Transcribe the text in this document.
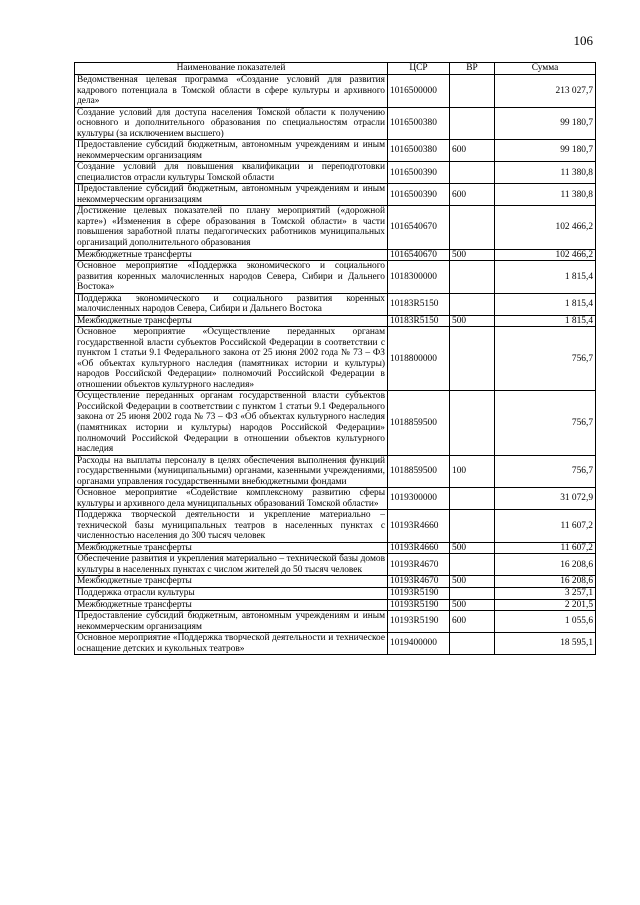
106
Наименование показателей	ЦСР	ВР	Сумма
Ведомственная целевая программа «Создание условий для развития кадрового потенциала в Томской области в сфере культуры и архивного дела»	1016500000		213 027,7
Создание условий для доступа населения Томской области к получению основного и дополнительного образования по специальностям отрасли культуры (за исключением высшего)	1016500380		99 180,7
Предоставление субсидий бюджетным, автономным учреждениям и иным некоммерческим организациям	1016500380	600	99 180,7
Создание условий для повышения квалификации и переподготовки специалистов отрасли культуры Томской области	1016500390		11 380,8
Предоставление субсидий бюджетным, автономным учреждениям и иным некоммерческим организациям	1016500390	600	11 380,8
Достижение целевых показателей по плану мероприятий («дорожной карте») «Изменения в сфере образования в Томской области» в части повышения заработной платы педагогических работников муниципальных организаций дополнительного образования	1016540670		102 466,2
Межбюджетные трансферты	1016540670	500	102 466,2
Основное мероприятие «Поддержка экономического и социального развития коренных малочисленных народов Севера, Сибири и Дальнего Востока»	1018300000		1 815,4
Поддержка экономического и социального развития коренных малочисленных народов Севера, Сибири и Дальнего Востока	10183R5150		1 815,4
Межбюджетные трансферты	10183R5150	500	1 815,4
Основное мероприятие «Осуществление переданных органам государственной власти субъектов Российской Федерации в соответствии с пунктом 1 статьи 9.1 Федерального закона от 25 июня 2002 года № 73 – ФЗ «Об объектах культурного наследия (памятниках истории и культуры) народов Российской Федерации» полномочий Российской Федерации в отношении объектов культурного наследия»	1018800000		756,7
Осуществление переданных органам государственной власти субъектов Российской Федерации в соответствии с пунктом 1 статьи 9.1 Федерального закона от 25 июня 2002 года № 73 – ФЗ «Об объектах культурного наследия (памятниках истории и культуры) народов Российской Федерации» полномочий Российской Федерации в отношении объектов культурного наследия	1018859500		756,7
Расходы на выплаты персоналу в целях обеспечения выполнения функций государственными (муниципальными) органами, казенными учреждениями, органами управления государственными внебюджетными фондами	1018859500	100	756,7
Основное мероприятие «Содействие комплексному развитию сферы культуры и архивного дела муниципальных образований Томской области»	1019300000		31 072,9
Поддержка творческой деятельности и укрепление материально – технической базы муниципальных театров в населенных пунктах с численностью населения до 300 тысяч человек	10193R4660		11 607,2
Межбюджетные трансферты	10193R4660	500	11 607,2
Обеспечение развития и укрепления материально – технической базы домов культуры в населенных пунктах с числом жителей до 50 тысяч человек	10193R4670		16 208,6
Межбюджетные трансферты	10193R4670	500	16 208,6
Поддержка отрасли культуры	10193R5190		3 257,1
Межбюджетные трансферты	10193R5190	500	2 201,5
Предоставление субсидий бюджетным, автономным учреждениям и иным некоммерческим организациям	10193R5190	600	1 055,6
Основное мероприятие «Поддержка творческой деятельности и техническое оснащение детских и кукольных театров»	1019400000		18 595,1
